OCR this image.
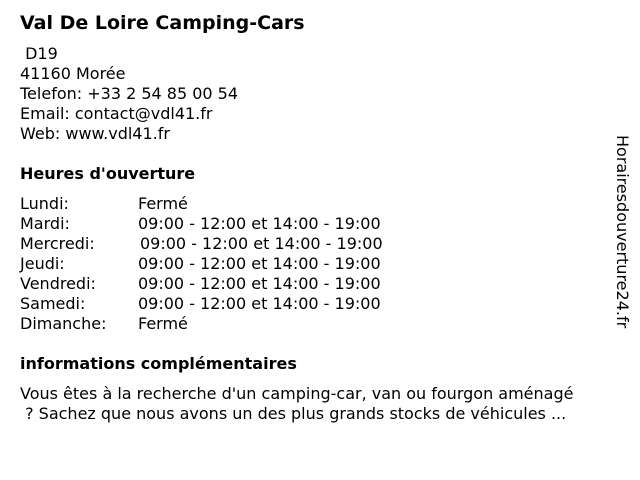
Val De Loire Camping-Cars
D19
41160 Morée
Telefon: +33 2 54 85 00 54
Email: contact@vdl41.fr
Web: www.vdl41.fr
Heures d'ouverture
Lundi:	Fermé
Mardi:	09:00 - 12:00 et 14:00 - 19:00
Mercredi:	09:00 - 12:00 et 14:00 - 19:00
Jeudi:	09:00 - 12:00 et 14:00 - 19:00
Vendredi:	09:00 - 12:00 et 14:00 - 19:00
Samedi:	09:00 - 12:00 et 14:00 - 19:00
Dimanche: Fermé
informations complémentaires
Vous êtes à la recherche d'un camping-car, van ou fourgon aménagé
? Sachez que nous avons un des plus grands stocks de véhicules ...
Horairesdouverture24.fr
